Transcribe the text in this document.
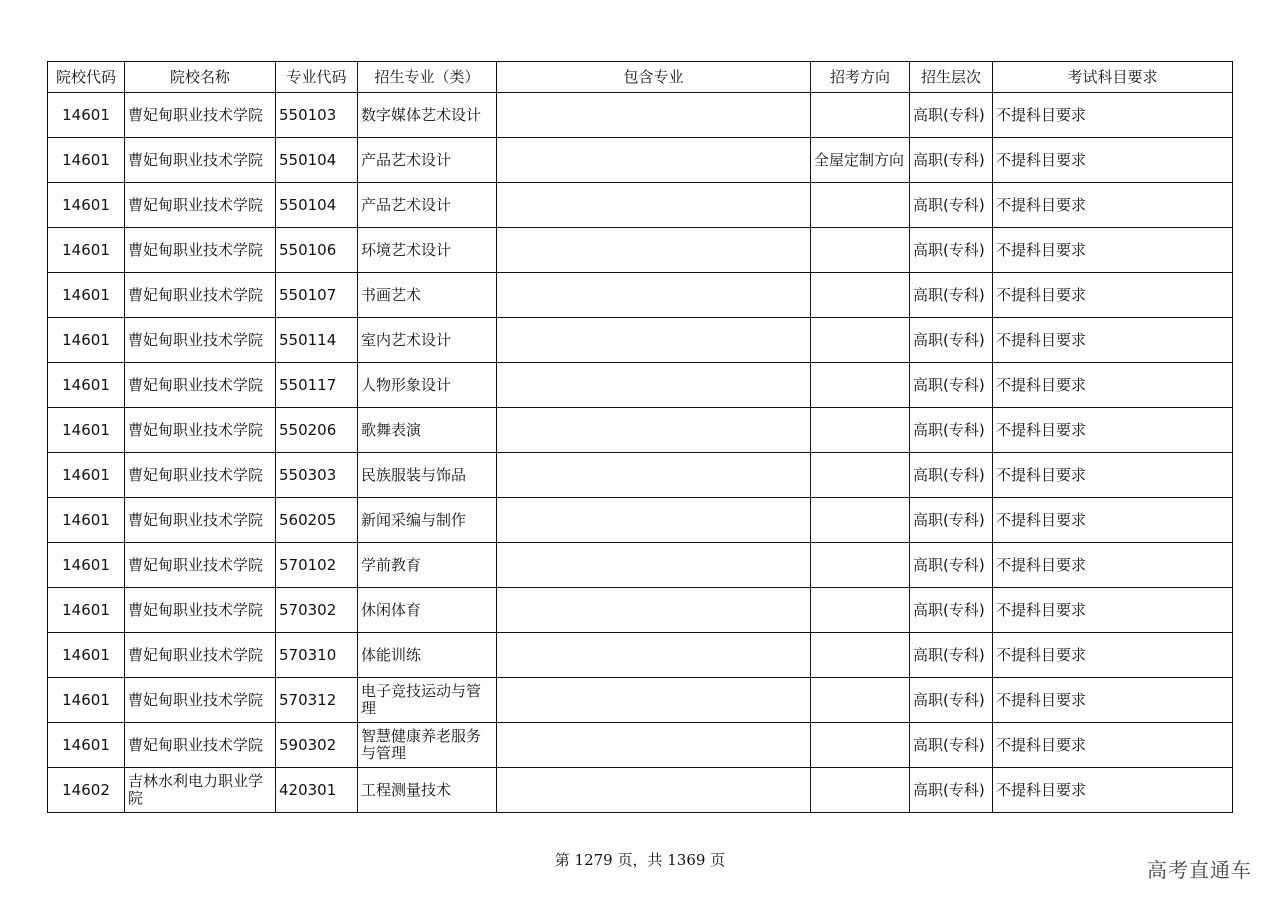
院校代码	院校名称	专业代码	招生专业（类）	包含专业	招考方向	招生层次	考试科目要求
14601	曹妃甸职业技术学院	550103	数字媒体艺术设计			高职(专科)	不提科目要求
14601	曹妃甸职业技术学院	550104	产品艺术设计		全屋定制方向	高职(专科)	不提科目要求
14601	曹妃甸职业技术学院	550104	产品艺术设计			高职(专科)	不提科目要求
14601	曹妃甸职业技术学院	550106	环境艺术设计			高职(专科)	不提科目要求
14601	曹妃甸职业技术学院	550107	书画艺术			高职(专科)	不提科目要求
14601	曹妃甸职业技术学院	550114	室内艺术设计			高职(专科)	不提科目要求
14601	曹妃甸职业技术学院	550117	人物形象设计			高职(专科)	不提科目要求
14601	曹妃甸职业技术学院	550206	歌舞表演			高职(专科)	不提科目要求
14601	曹妃甸职业技术学院	550303	民族服装与饰品			高职(专科)	不提科目要求
14601	曹妃甸职业技术学院	560205	新闻采编与制作			高职(专科)	不提科目要求
14601	曹妃甸职业技术学院	570102	学前教育			高职(专科)	不提科目要求
14601	曹妃甸职业技术学院	570302	休闲体育			高职(专科)	不提科目要求
14601	曹妃甸职业技术学院	570310	体能训练			高职(专科)	不提科目要求
14601	曹妃甸职业技术学院	570312	电子竞技运动与管理			高职(专科)	不提科目要求
14601	曹妃甸职业技术学院	590302	智慧健康养老服务与管理			高职(专科)	不提科目要求
14602	吉林水利电力职业学院	420301	工程测量技术			高职(专科)	不提科目要求
第 1279 页，共 1369 页	高考直通车
